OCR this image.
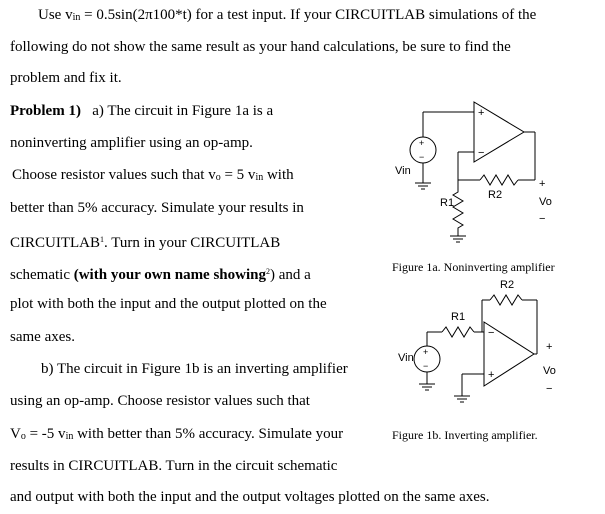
Use vin = 0.5sin(2π100*t) for a test input. If your CIRCUITLAB simulations of the
following do not show the same result as your hand calculations, be sure to find the
problem and fix it.
Problem 1) a) The circuit in Figure 1a is a
noninverting amplifier using an op-amp.
Choose resistor values such that vo = 5 vin with
better than 5% accuracy. Simulate your results in
CIRCUITLAB$^1$. Turn in your CIRCUITLAB
schematic (with your own name showing$^2$) and a
plot with both the input and the output plotted on the
same axes.
b) The circuit in Figure 1b is an inverting amplifier
using an op-amp. Choose resistor values such that
Vo = -5 vin with better than 5% accuracy. Simulate your
results in CIRCUITLAB. Turn in the circuit schematic
and output with both the input and the output voltages plotted on the same axes.
Figure 1a. Noninverting amplifier
Figure 1b. Inverting amplifier.
+
−
+
−
Vin
R1
R2
+
Vo
−
−
+
+
−
Vin
R1
R2
+
Vo
−
